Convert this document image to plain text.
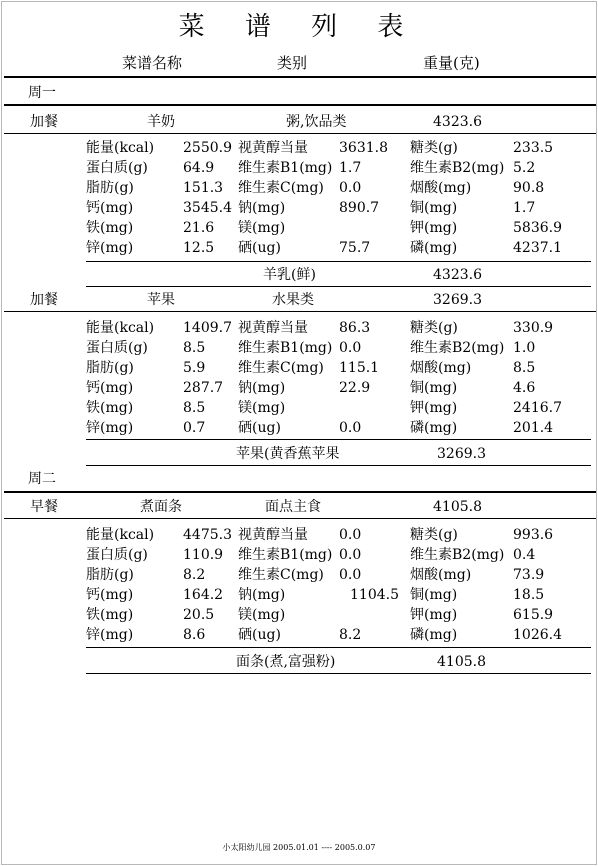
菜 谱 列 表
菜谱名称	类别	重量(克)
周一
加餐	羊奶	粥,饮品类	4323.6
能量(kcal) 2550.9 视黄醇当量 3631.8 糖类(g)	233.5
蛋白质(g)	64.9 维生素B1(mg) 1.7	维生素B2(mg) 5.2
脂肪(g)	151.3 维生素C(mg) 0.0	烟酸(mg)	90.8
钙(mg)	3545.4 钠(mg)	890.7 铜(mg)	1.7
铁(mg)	21.6 镁(mg)	钾(mg)	5836.9
锌(mg)	12.5 硒(ug)	75.7	磷(mg)	4237.1
羊乳(鲜)	4323.6
加餐	苹果	水果类	3269.3
能量(kcal) 1409.7 视黄醇当量 86.3	糖类(g)	330.9
蛋白质(g)	8.5 维生素B1(mg) 0.0	维生素B2(mg) 1.0
脂肪(g)	5.9 维生素C(mg) 115.1 烟酸(mg)	8.5
钙(mg)	287.7 钠(mg)	22.9	铜(mg)	4.6
铁(mg)	8.5 镁(mg)	钾(mg)	2416.7
锌(mg)	0.7 硒(ug)	0.0	磷(mg)	201.4
苹果(黄香蕉苹果	3269.3
周二
早餐	煮面条	面点主食	4105.8
能量(kcal) 4475.3 视黄醇当量 0.0	糖类(g)	993.6
蛋白质(g)	110.9 维生素B1(mg) 0.0	维生素B2(mg) 0.4
脂肪(g)	8.2 维生素C(mg) 0.0	烟酸(mg)	73.9
钙(mg)	164.2 钠(mg)	1104.5 铜(mg)	18.5
铁(mg)	20.5 镁(mg)	钾(mg)	615.9
锌(mg)	8.6 硒(ug)	8.2	磷(mg)	1026.4
面条(煮,富强粉)	4105.8
小太阳幼儿园 2005.01.01 ---- 2005.0.07
